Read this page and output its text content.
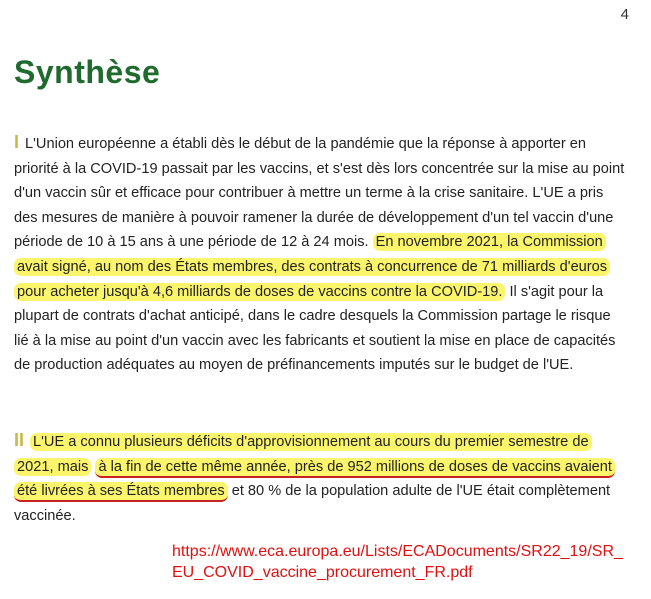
4
Synthèse

I L'Union européenne a établi dès le début de la pandémie que la réponse à apporter en priorité à la COVID-19 passait par les vaccins, et s'est dès lors concentrée sur la mise au point d'un vaccin sûr et efficace pour contribuer à mettre un terme à la crise sanitaire. L'UE a pris des mesures de manière à pouvoir ramener la durée de développement d'un tel vaccin d'une période de 10 à 15 ans à une période de 12 à 24 mois. En novembre 2021, la Commission avait signé, au nom des États membres, des contrats à concurrence de 71 milliards d'euros pour acheter jusqu'à 4,6 milliards de doses de vaccins contre la COVID-19. Il s'agit pour la plupart de contrats d'achat anticipé, dans le cadre desquels la Commission partage le risque lié à la mise au point d'un vaccin avec les fabricants et soutient la mise en place de capacités de production adéquates au moyen de préfinancements imputés sur le budget de l'UE.

II L'UE a connu plusieurs déficits d'approvisionnement au cours du premier semestre de 2021, mais à la fin de cette même année, près de 952 millions de doses de vaccins avaient été livrées à ses États membres et 80 % de la population adulte de l'UE était complètement vaccinée.

https://www.eca.europa.eu/Lists/ECADocuments/SR22_19/SR_EU_COVID_vaccine_procurement_FR.pdf
